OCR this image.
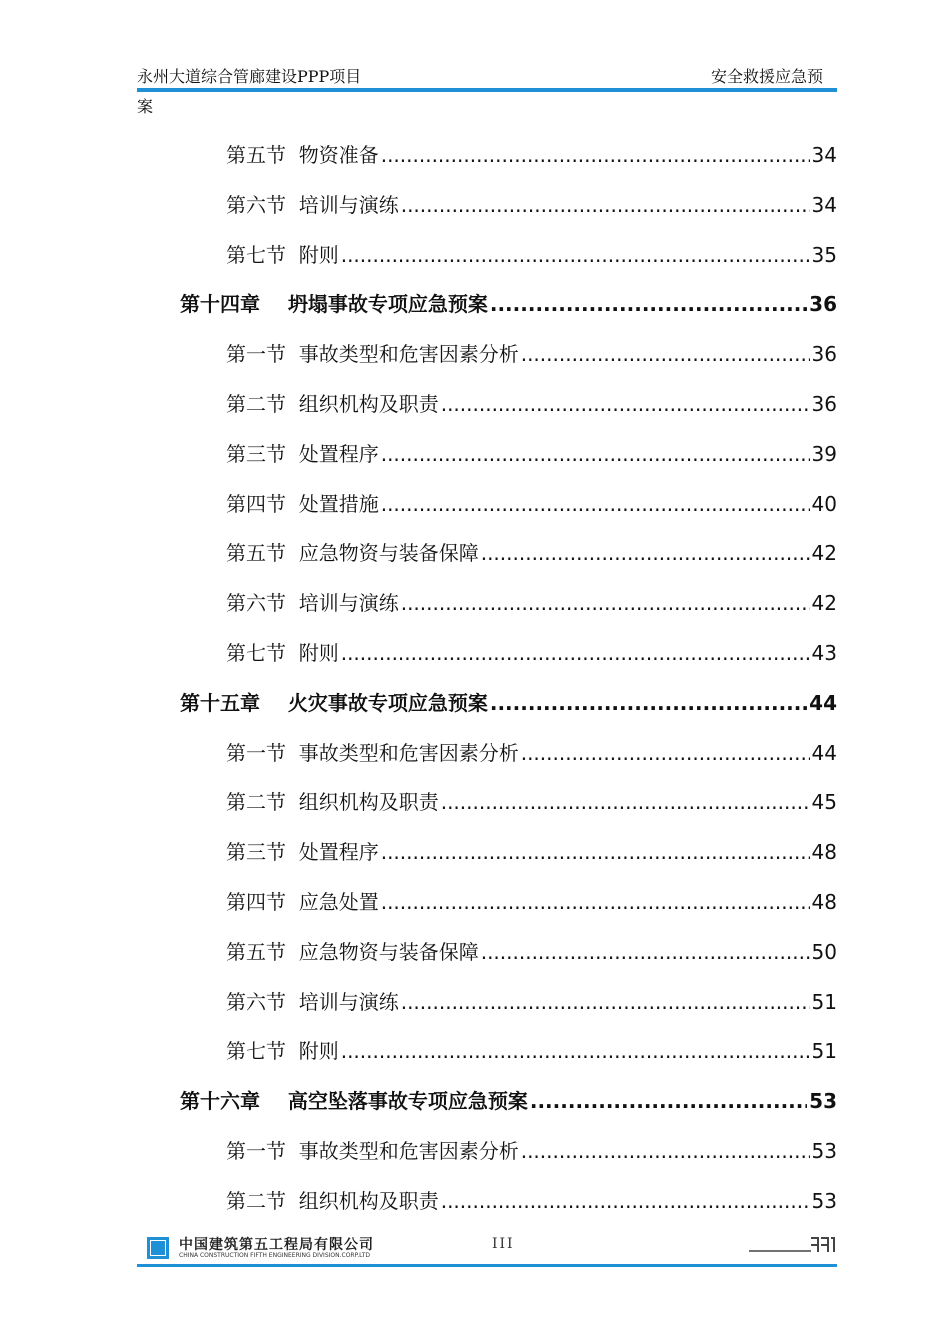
永州大道综合管廊建设PPP项目	安全救援应急预
案
第五节  物资准备 .....	34
第六节  培训与演练 .....	34
第七节  附则 .....	35
第十四章    坍塌事故专项应急预案 .....	36
第一节  事故类型和危害因素分析 .....	36
第二节  组织机构及职责 .....	36
第三节  处置程序 .....	39
第四节  处置措施 .....	40
第五节  应急物资与装备保障 .....	42
第六节  培训与演练 .....	42
第七节  附则 .....	43
第十五章    火灾事故专项应急预案 .....	44
第一节  事故类型和危害因素分析 .....	44
第二节  组织机构及职责 .....	45
第三节  处置程序 .....	48
第四节  应急处置 .....	48
第五节  应急物资与装备保障 .....	50
第六节  培训与演练 .....	51
第七节  附则 .....	51
第十六章    高空坠落事故专项应急预案 .....	53
第一节  事故类型和危害因素分析 .....	53
第二节  组织机构及职责 .....	53
中国建筑第五工程局有限公司
CHINA CONSTRUCTION FIFTH ENGINEERING DIVISION.CORP.LTD
III
